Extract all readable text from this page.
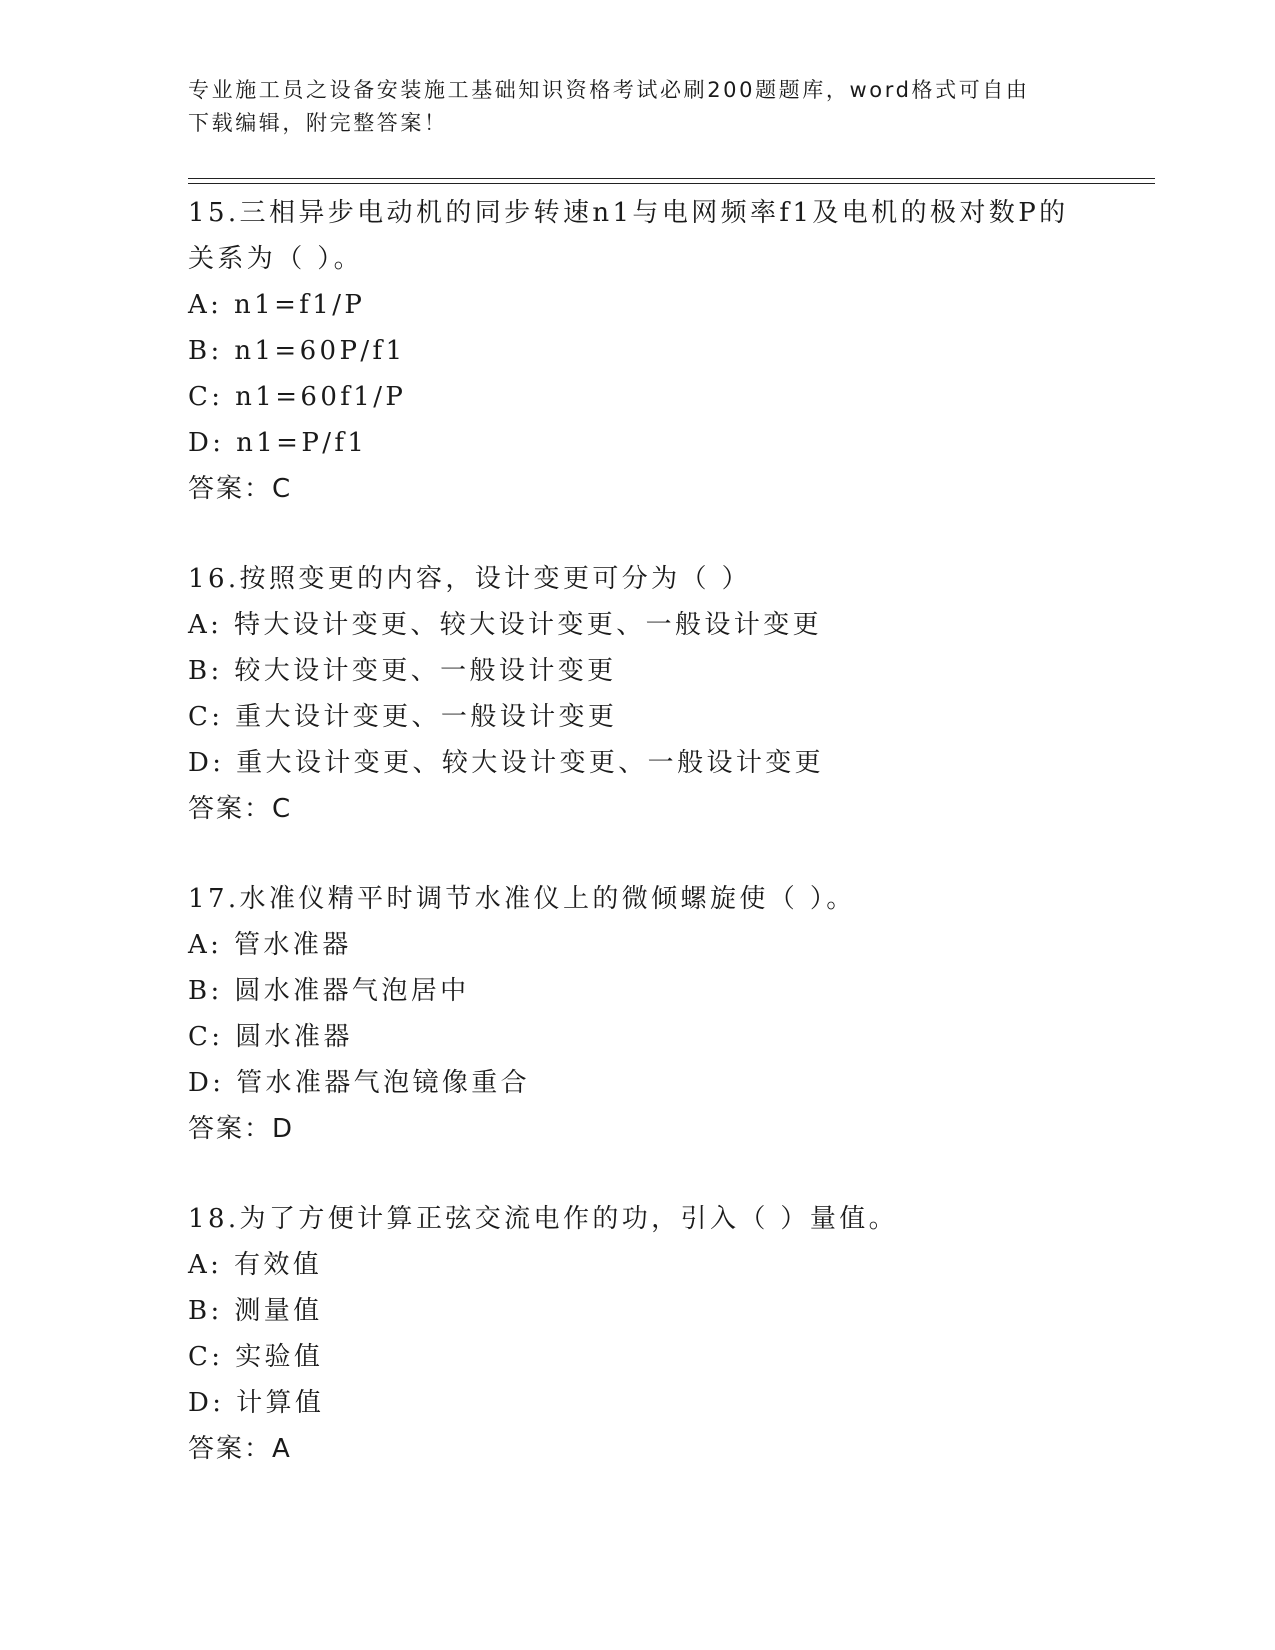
专业施工员之设备安装施工基础知识资格考试必刷200题题库，word格式可自由
下载编辑，附完整答案！
15.三相异步电动机的同步转速n1与电网频率f1及电机的极对数P的
关系为（ ）。
A: n1=f1/P
B: n1=60P/f1
C: n1=60f1/P
D: n1=P/f1
答案：C
16.按照变更的内容，设计变更可分为（ ）
A: 特大设计变更、较大设计变更、一般设计变更
B: 较大设计变更、一般设计变更
C: 重大设计变更、一般设计变更
D: 重大设计变更、较大设计变更、一般设计变更
答案：C
17.水准仪精平时调节水准仪上的微倾螺旋使（ ）。
A: 管水准器
B: 圆水准器气泡居中
C: 圆水准器
D: 管水准器气泡镜像重合
答案：D
18.为了方便计算正弦交流电作的功，引入（ ）量值。
A: 有效值
B: 测量值
C: 实验值
D: 计算值
答案：A
